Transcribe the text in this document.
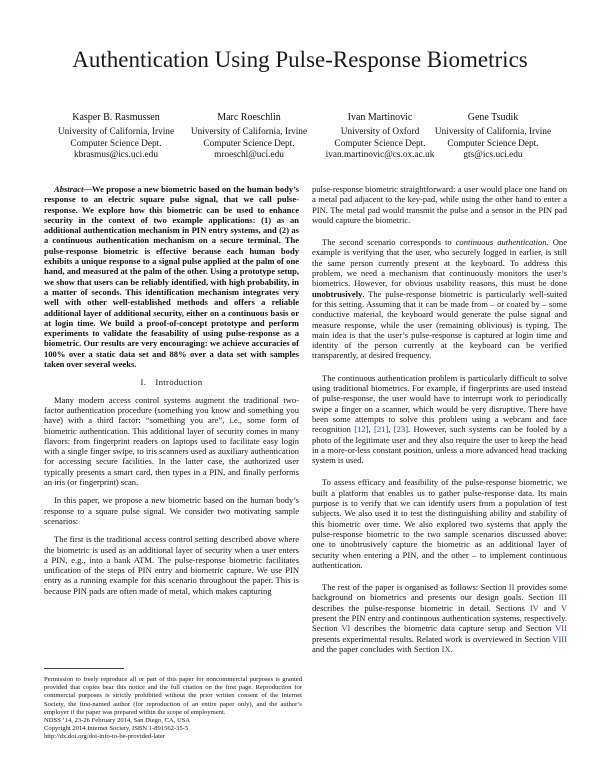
Authentication Using Pulse-Response Biometrics
Kasper B. Rasmussen
University of California, Irvine
Computer Science Dept.
kbrasmus@ics.uci.edu
Marc Roeschlin
University of California, Irvine
Computer Science Dept.
mroeschl@uci.edu
Ivan Martinovic
University of Oxford
Computer Science Dept.
ivan.martinovic@cs.ox.ac.uk
Gene Tsudik
University of California, Irvine
Computer Science Dept.
gts@ics.uci.edu

Abstract—We propose a new biometric based on the human body’s response to an electric square pulse signal, that we call pulse-response. We explore how this biometric can be used to enhance security in the context of two example applications: (1) as an additional authentication mechanism in PIN entry systems, and (2) as a continuous authentication mechanism on a secure terminal. The pulse-response biometric is effective because each human body exhibits a unique response to a signal pulse applied at the palm of one hand, and measured at the palm of the other. Using a prototype setup, we show that users can be reliably identified, with high probability, in a matter of seconds. This identification mechanism integrates very well with other well-established methods and offers a reliable additional layer of additional security, either on a continuous basis or at login time. We build a proof-of-concept prototype and perform experiments to validate the feasability of using pulse-response as a biometric. Our results are very encouraging: we achieve accuracies of 100% over a static data set and 88% over a data set with samples taken over several weeks.

I. Introduction

Many modern access control systems augment the traditional two-factor authentication procedure (something you know and something you have) with a third factor: “something you are”, i.e., some form of biometric authentication. This additional layer of security comes in many flavors: from fingerprint readers on laptops used to facilitate easy login with a single finger swipe, to iris scanners used as auxiliary authentication for accessing secure facilities. In the latter case, the authorized user typically presents a smart card, then types in a PIN, and finally performs an iris (or fingerprint) scan.

In this paper, we propose a new biometric based on the human body’s response to a square pulse signal. We consider two motivating sample scenarios:

The first is the traditional access control setting described above where the biometric is used as an additional layer of security when a user enters a PIN, e.g., into a bank ATM. The pulse-response biometric facilitates unification of the steps of PIN entry and biometric capture. We use PIN entry as a running example for this scenario throughout the paper. This is because PIN pads are often made of metal, which makes capturing

Permission to freely reproduce all or part of this paper for noncommercial purposes is granted provided that copies bear this notice and the full citation on the first page. Reproduction for commercial purposes is strictly prohibited without the prior written consent of the Internet Society, the first-named author (for reproduction of an entire paper only), and the author’s employer if the paper was prepared within the scope of employment.
NDSS ’14, 23-26 February 2014, San Diego, CA, USA
Copyright 2014 Internet Society, ISBN 1-891562-35-5
http://dx.doi.org/doi-info-to-be-provided-later

pulse-response biometric straightforward: a user would place one hand on a metal pad adjacent to the key-pad, while using the other hand to enter a PIN. The metal pad would transmit the pulse and a sensor in the PIN pad would capture the biometric.

The second scenario corresponds to continuous authentication. One example is verifying that the user, who securely logged in earlier, is still the same person currently present at the keyboard. To address this problem, we need a mechanism that continuously monitors the user’s biometrics. However, for obvious usability reasons, this must be done unobtrusively. The pulse-response biometric is particularly well-suited for this setting. Assuming that it can be made from – or coated by – some conductive material, the keyboard would generate the pulse signal and measure response, while the user (remaining oblivious) is typing. The main idea is that the user’s pulse-response is captured at login time and identity of the person currently at the keyboard can be verified transparently, at desired frequency.

The continuous authentication problem is particularly difficult to solve using traditional biometrics. For example, if fingerprints are used instead of pulse-response, the user would have to interrupt work to periodically swipe a finger on a scanner, which would be very disruptive. There have been some attempts to solve this problem using a webcam and face recognition [12], [21], [23]. However, such systems can be fooled by a photo of the legitimate user and they also require the user to keep the head in a more-or-less constant position, unless a more advanced head tracking system is used.

To assess efficacy and feasibility of the pulse-response biometric, we built a platform that enables us to gather pulse-response data. Its main purpose is to verify that we can identify users from a population of test subjects. We also used it to test the distinguishing ability and stability of this biometric over time. We also explored two systems that apply the pulse-response biometric to the two sample scenarios discussed above: one to unobtrusively capture the biometric as an additional layer of security when entering a PIN, and the other – to implement continuous authentication.

The rest of the paper is organised as follows: Section II provides some background on biometrics and presents our design goals. Section III describes the pulse-response biometric in detail. Sections IV and V present the PIN entry and continuous authentication systems, respectively. Section VI describes the biometric data capture setup and Section VII presents experimental results. Related work is overviewed in Section VIII and the paper concludes with Section IX.
